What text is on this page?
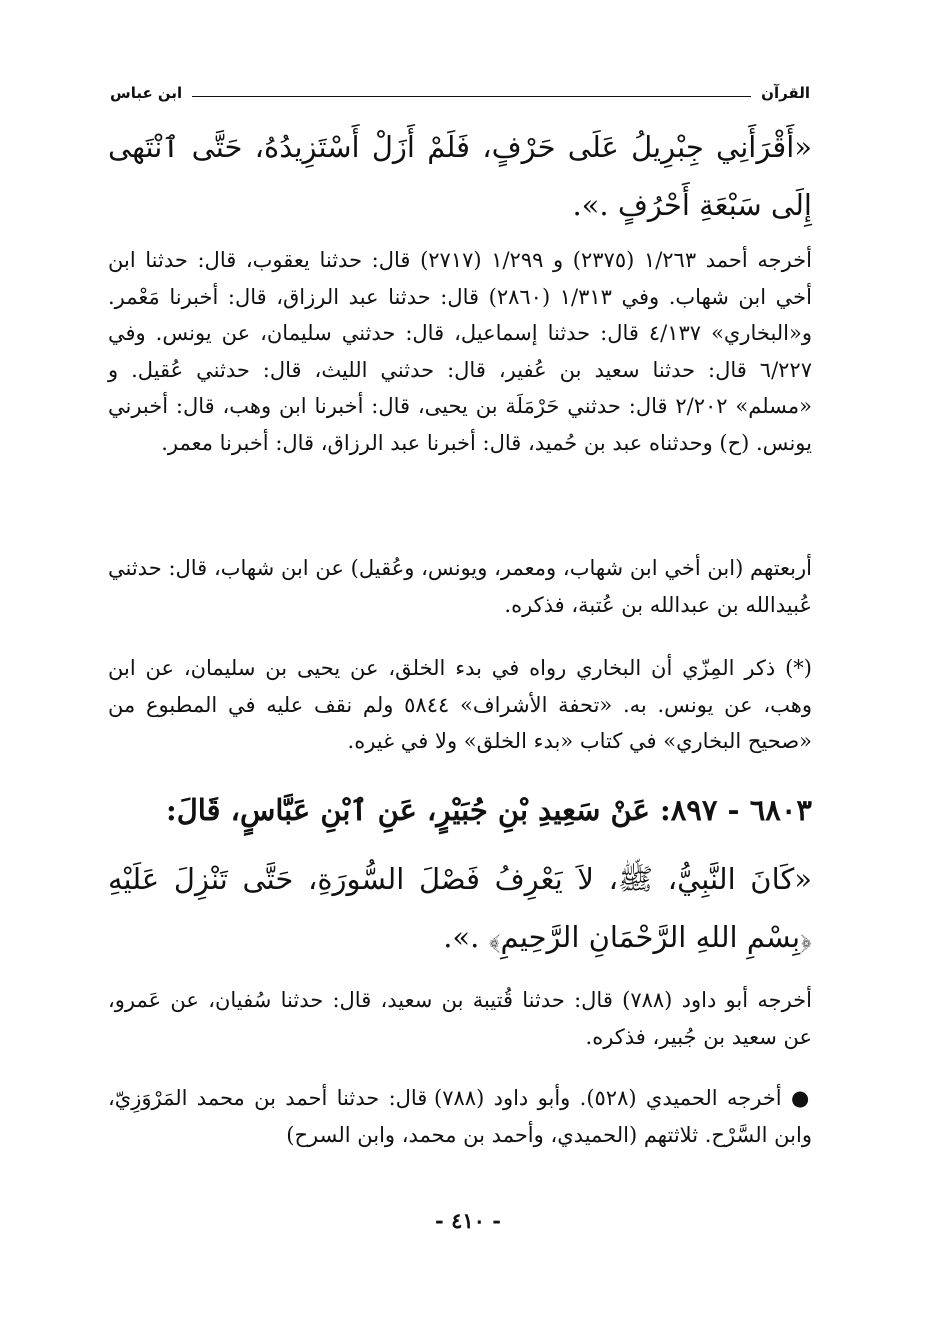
القرآن
ابن عباس

«أَقْرَأَنِي جِبْرِيلُ عَلَى حَرْفٍ، فَلَمْ أَزَلْ أَسْتَزِيدُهُ، حَتَّى ٱنْتَهى إِلَى سَبْعَةِ أَحْرُفٍ .».

أخرجه أحمد ١/٢٦٣ (٢٣٧٥) و ١/٢٩٩ (٢٧١٧) قال: حدثنا يعقوب، قال: حدثنا ابن أخي ابن شهاب. وفي ١/٣١٣ (٢٨٦٠) قال: حدثنا عبد الرزاق، قال: أخبرنا مَعْمر. و«البخاري» ٤/١٣٧ قال: حدثنا إسماعيل، قال: حدثني سليمان، عن يونس. وفي ٦/٢٢٧ قال: حدثنا سعيد بن عُفير، قال: حدثني الليث، قال: حدثني عُقيل. و «مسلم» ٢/٢٠٢ قال: حدثني حَرْمَلَة بن يحيى، قال: أخبرنا ابن وهب، قال: أخبرني يونس. (ح) وحدثناه عبد بن حُميد، قال: أخبرنا عبد الرزاق، قال: أخبرنا معمر.

أربعتهم (ابن أخي ابن شهاب، ومعمر، ويونس، وعُقيل) عن ابن شهاب، قال: حدثني عُبيدالله بن عبدالله بن عُتبة، فذكره.

(*) ذكر المِزّي أن البخاري رواه في بدء الخلق، عن يحيى بن سليمان، عن ابن وهب، عن يونس. به. «تحفة الأشراف» ٥٨٤٤ ولم نقف عليه في المطبوع من «صحيح البخاري» في كتاب «بدء الخلق» ولا في غيره.

٦٨٠٣ - ٨٩٧: عَنْ سَعِيدِ بْنِ جُبَيْرٍ، عَنِ ٱبْنِ عَبَّاسٍ، قَالَ:

«كَانَ النَّبِيُّ، ﷺ، لاَ يَعْرِفُ فَصْلَ السُّورَةِ، حَتَّى تَنْزِلَ عَلَيْهِ ﴿بِسْمِ اللهِ الرَّحْمَانِ الرَّحِيمِ﴾ .».

أخرجه أبو داود (٧٨٨) قال: حدثنا قُتيبة بن سعيد، قال: حدثنا سُفيان، عن عَمرو، عن سعيد بن جُبير، فذكره.

● أخرجه الحميدي (٥٢٨). وأبو داود (٧٨٨) قال: حدثنا أحمد بن محمد المَرْوَزِيّ، وابن السَّرْح. ثلاثتهم (الحميدي، وأحمد بن محمد، وابن السرح)

- ٤١٠ -
